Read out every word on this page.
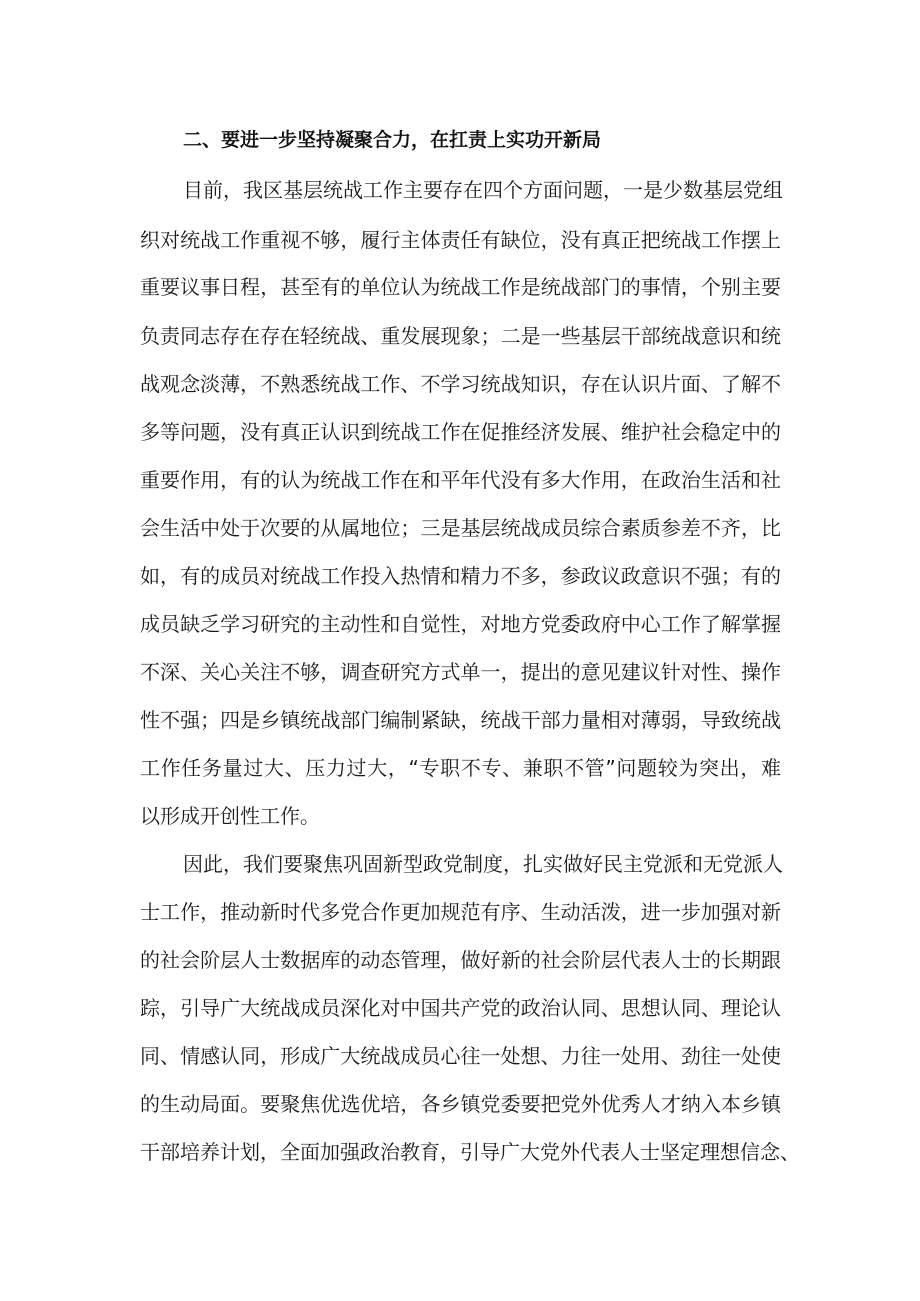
二、要进一步坚持凝聚合力，在扛责上实功开新局

目前，我区基层统战工作主要存在四个方面问题，一是少数基层党组

织对统战工作重视不够，履行主体责任有缺位，没有真正把统战工作摆上

重要议事日程，甚至有的单位认为统战工作是统战部门的事情，个别主要

负责同志存在存在轻统战、重发展现象；二是一些基层干部统战意识和统

战观念淡薄，不熟悉统战工作、不学习统战知识，存在认识片面、了解不

多等问题，没有真正认识到统战工作在促推经济发展、维护社会稳定中的

重要作用，有的认为统战工作在和平年代没有多大作用，在政治生活和社

会生活中处于次要的从属地位；三是基层统战成员综合素质参差不齐，比

如，有的成员对统战工作投入热情和精力不多，参政议政意识不强；有的

成员缺乏学习研究的主动性和自觉性，对地方党委政府中心工作了解掌握

不深、关心关注不够，调查研究方式单一，提出的意见建议针对性、操作

性不强；四是乡镇统战部门编制紧缺，统战干部力量相对薄弱，导致统战

工作任务量过大、压力过大，“专职不专、兼职不管”问题较为突出，难

以形成开创性工作。

因此，我们要聚焦巩固新型政党制度，扎实做好民主党派和无党派人

士工作，推动新时代多党合作更加规范有序、生动活泼，进一步加强对新

的社会阶层人士数据库的动态管理，做好新的社会阶层代表人士的长期跟

踪，引导广大统战成员深化对中国共产党的政治认同、思想认同、理论认

同、情感认同，形成广大统战成员心往一处想、力往一处用、劲往一处使

的生动局面。要聚焦优选优培，各乡镇党委要把党外优秀人才纳入本乡镇

干部培养计划，全面加强政治教育，引导广大党外代表人士坚定理想信念、
